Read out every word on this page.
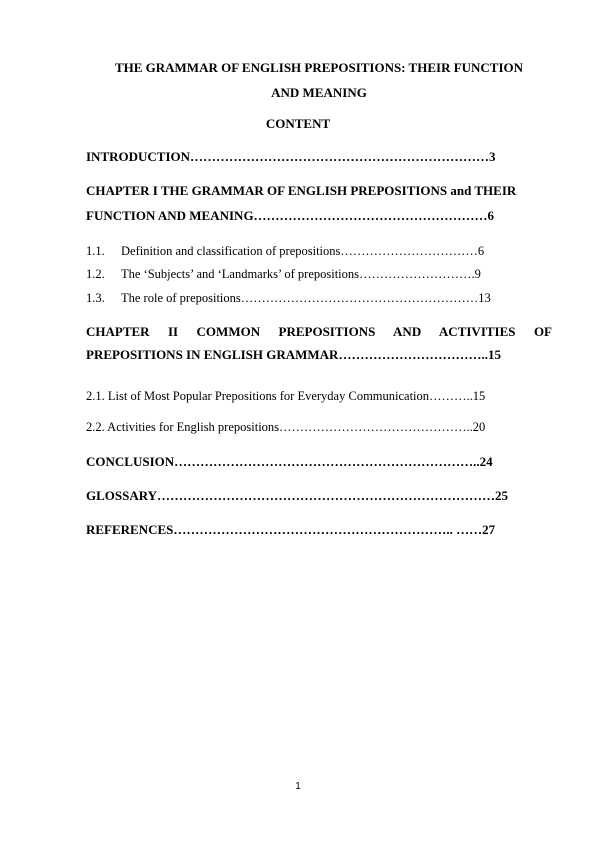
THE GRAMMAR OF ENGLISH PREPOSITIONS: THEIR FUNCTION
AND MEANING
CONTENT
INTRODUCTION……………………………………………………………3
CHAPTER I THE GRAMMAR OF ENGLISH PREPOSITIONS and THEIR
FUNCTION AND MEANING………………………………………………6
1.1. Definition and classification of prepositions……………………………6
1.2. The ‘Subjects’ and ‘Landmarks’ of prepositions……………………….9
1.3. The role of prepositions…………………………………………………13
CHAPTER II COMMON PREPOSITIONS AND ACTIVITIES OF
PREPOSITIONS IN ENGLISH GRAMMAR……………………………..15
2.1. List of Most Popular Prepositions for Everyday Communication………..15
2.2. Activities for English prepositions………………………………………..20
CONCLUSION……………………………………………………………..24
GLOSSARY……………………………………………………………………25
REFERENCES……………………………………………………….. ……27
1
